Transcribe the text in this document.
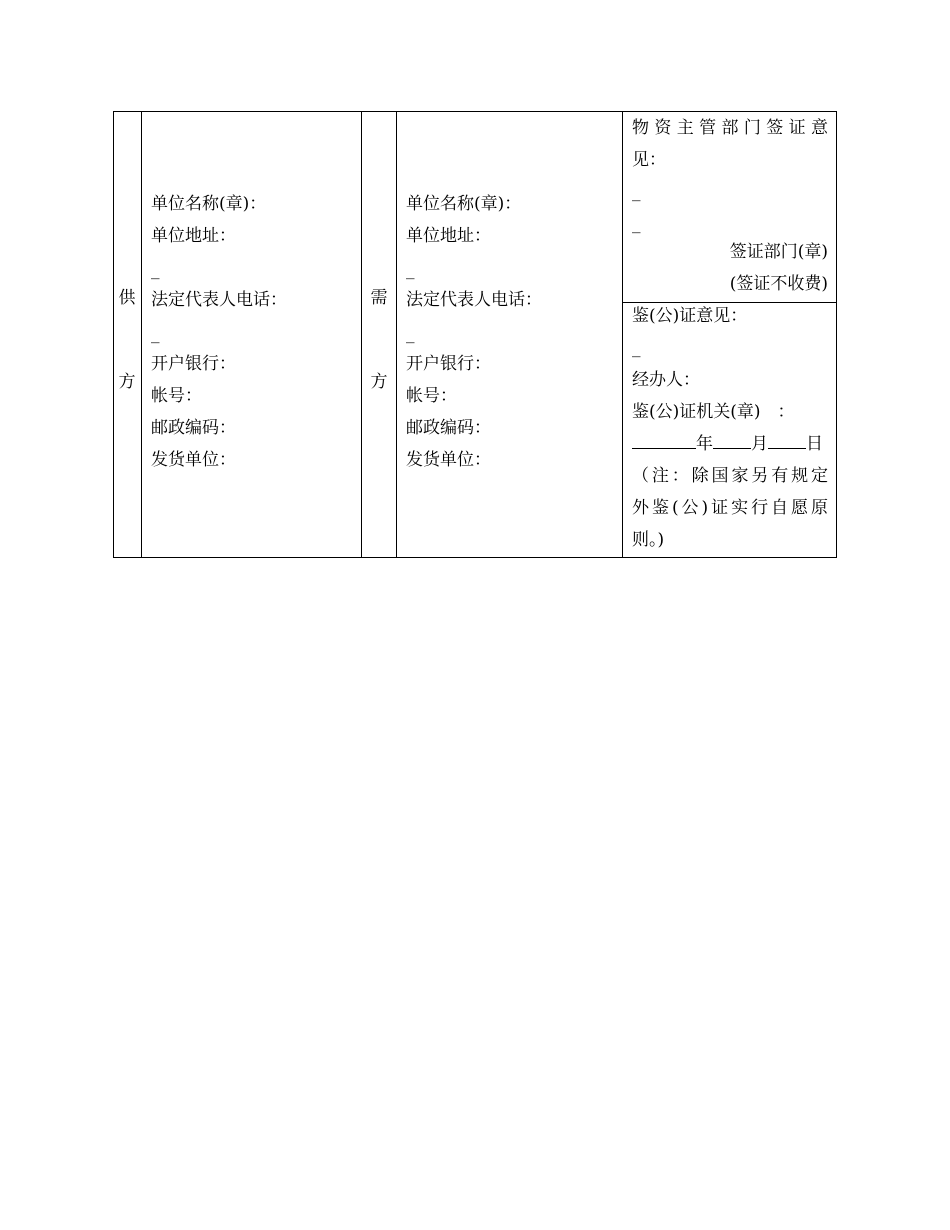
供
方
单位名称(章)：
单位地址：
_
法定代表人电话：
_
开户银行：
帐号：
邮政编码：
发货单位：
需
方
单位名称(章)：
单位地址：
_
法定代表人电话：
_
开户银行：
帐号：
邮政编码：
发货单位：
物资主管部门签证意
见：
_
_
签证部门(章)
(签证不收费)
鉴(公)证意见：
_
经办人：
鉴(公)证机关(章)　：
年 月 日
（注：除国家另有规定
外鉴(公)证实行自愿原
则。)
